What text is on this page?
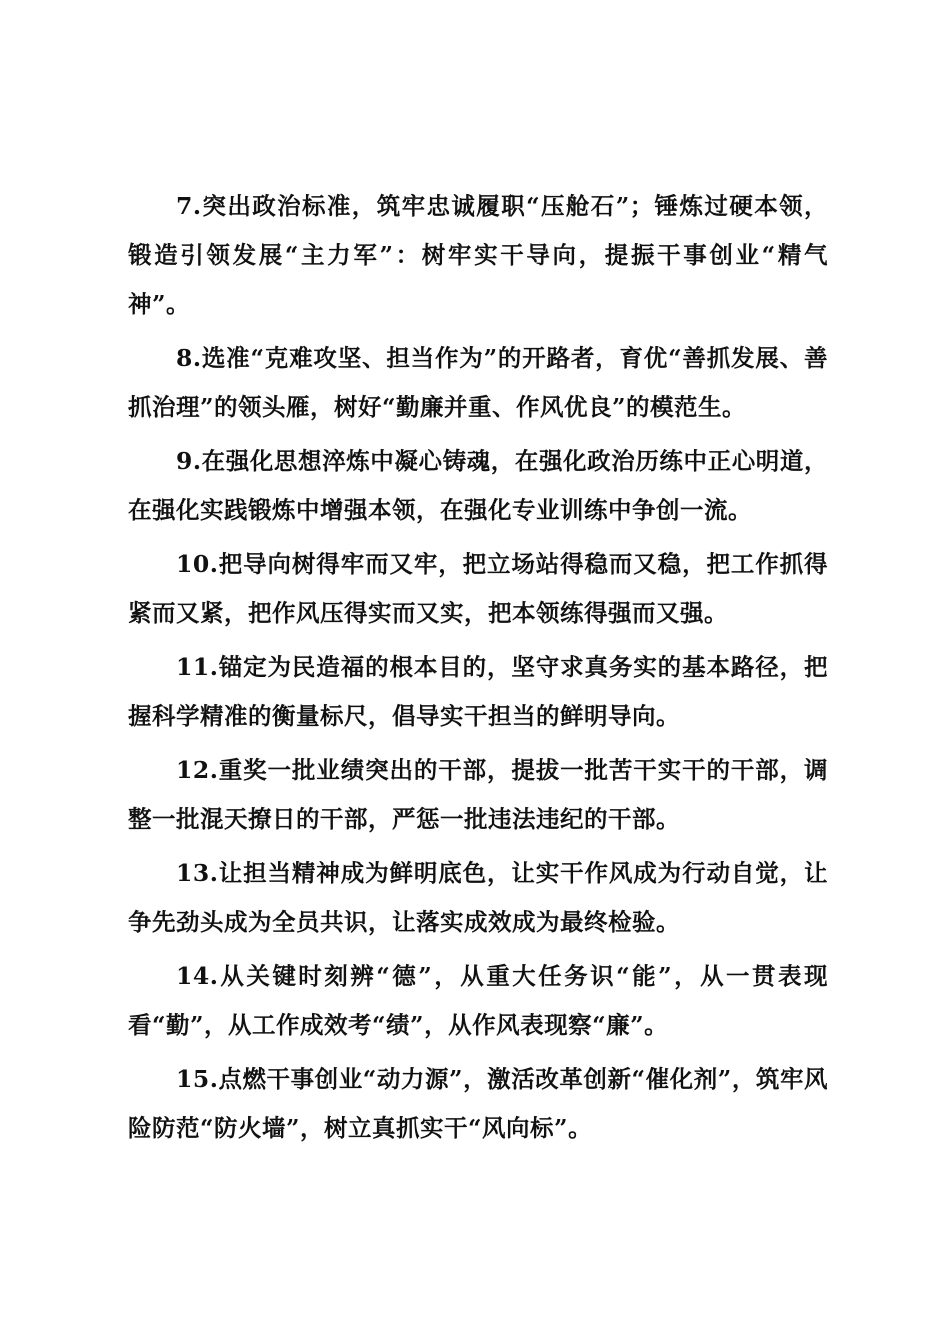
7.突出政治标准，筑牢忠诚履职“压舱石”；锤炼过硬本领，锻造引领发展“主力军”：树牢实干导向，提振干事创业“精气神”。

8.选准“克难攻坚、担当作为”的开路者，育优“善抓发展、善抓治理”的领头雁，树好“勤廉并重、作风优良”的模范生。

9.在强化思想淬炼中凝心铸魂，在强化政治历练中正心明道，在强化实践锻炼中增强本领，在强化专业训练中争创一流。

10.把导向树得牢而又牢，把立场站得稳而又稳，把工作抓得紧而又紧，把作风压得实而又实，把本领练得强而又强。

11.锚定为民造福的根本目的，坚守求真务实的基本路径，把握科学精准的衡量标尺，倡导实干担当的鲜明导向。

12.重奖一批业绩突出的干部，提拔一批苦干实干的干部，调整一批混天撩日的干部，严惩一批违法违纪的干部。

13.让担当精神成为鲜明底色，让实干作风成为行动自觉，让争先劲头成为全员共识，让落实成效成为最终检验。

14.从关键时刻辨“德”，从重大任务识“能”，从一贯表现看“勤”，从工作成效考“绩”，从作风表现察“廉”。

15.点燃干事创业“动力源”，激活改革创新“催化剂”，筑牢风险防范“防火墙”，树立真抓实干“风向标”。
